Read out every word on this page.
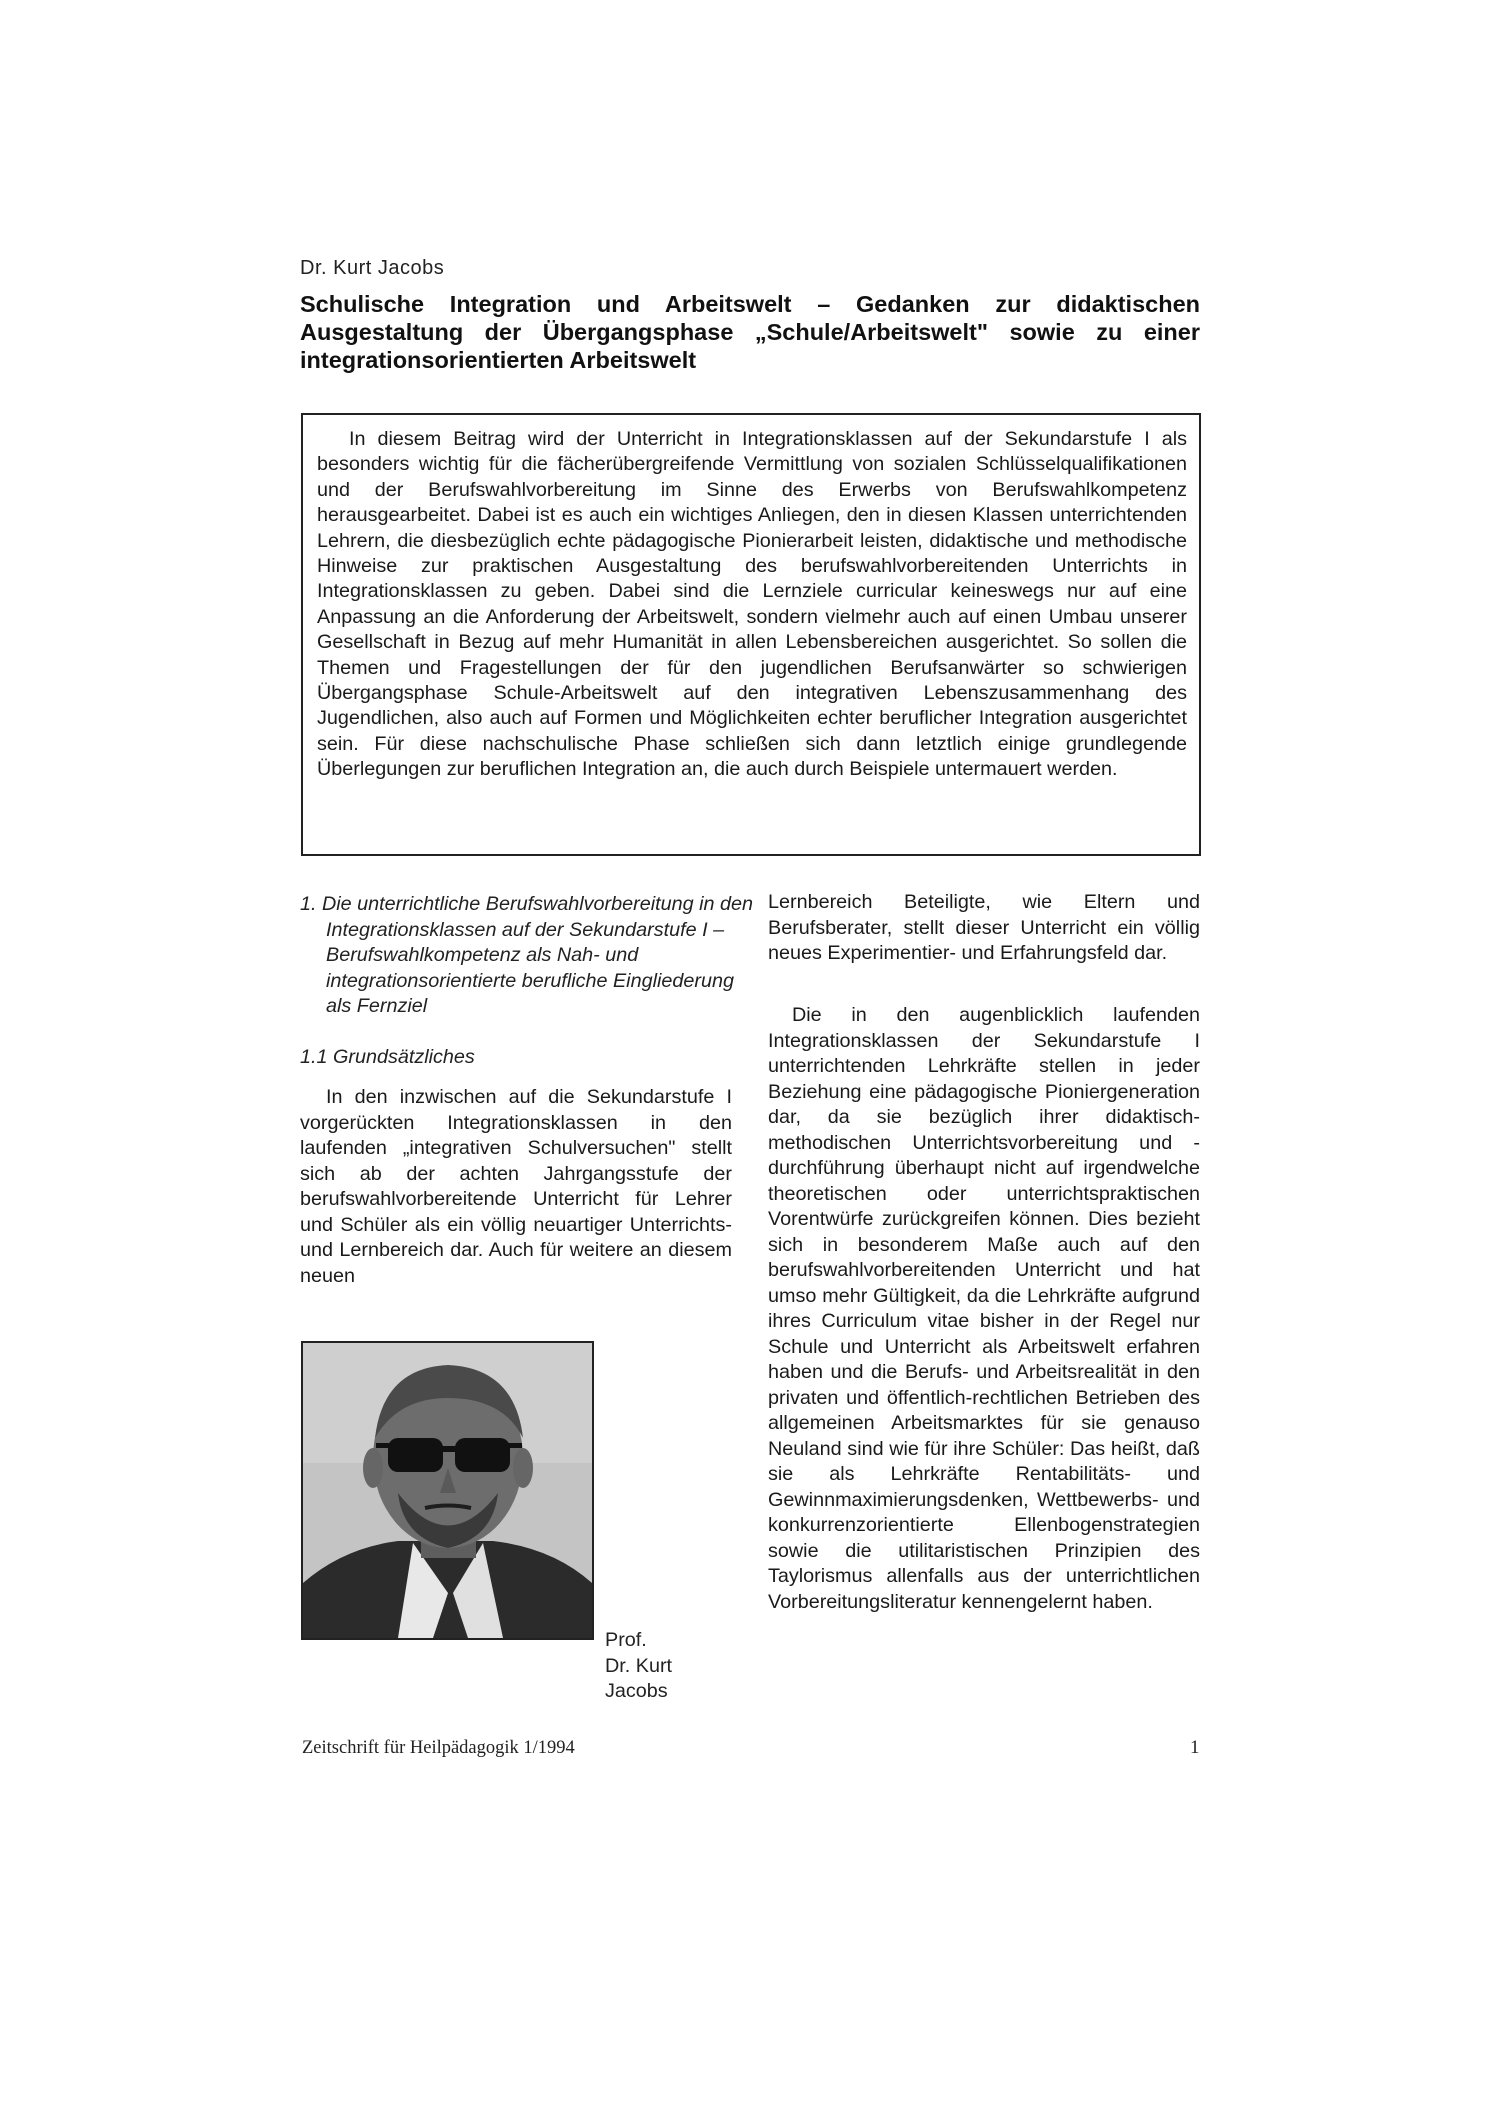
Dr. Kurt Jacobs
Schulische Integration und Arbeitswelt – Gedanken zur didaktischen Ausgestaltung der Übergangsphase „Schule/Arbeitswelt" sowie zu einer integrationsorientierten Arbeitswelt
In diesem Beitrag wird der Unterricht in Integrationsklassen auf der Sekundarstufe I als besonders wichtig für die fächerübergreifende Vermittlung von sozialen Schlüsselqualifikationen und der Berufswahlvorbereitung im Sinne des Erwerbs von Berufswahlkompetenz herausgearbeitet. Dabei ist es auch ein wichtiges Anliegen, den in diesen Klassen unterrichtenden Lehrern, die diesbezüglich echte pädagogische Pionierarbeit leisten, didaktische und methodische Hinweise zur praktischen Ausgestaltung des berufswahlvorbereitenden Unterrichts in Integrationsklassen zu geben. Dabei sind die Lernziele curricular keineswegs nur auf eine Anpassung an die Anforderung der Arbeitswelt, sondern vielmehr auch auf einen Umbau unserer Gesellschaft in Bezug auf mehr Humanität in allen Lebensbereichen ausgerichtet. So sollen die Themen und Fragestellungen der für den jugendlichen Berufsanwärter so schwierigen Übergangsphase Schule-Arbeitswelt auf den integrativen Lebenszusammenhang des Jugendlichen, also auch auf Formen und Möglichkeiten echter beruflicher Integration ausgerichtet sein. Für diese nachschulische Phase schließen sich dann letztlich einige grundlegende Überlegungen zur beruflichen Integration an, die auch durch Beispiele untermauert werden.
1. Die unterrichtliche Berufswahlvorbereitung in den Integrationsklassen auf der Sekundarstufe I – Berufswahlkompetenz als Nah- und integrationsorientierte berufliche Eingliederung als Fernziel
1.1 Grundsätzliches
In den inzwischen auf die Sekundarstufe I vorgerückten Integrationsklassen in den laufenden „integrativen Schulversuchen" stellt sich ab der achten Jahrgangsstufe der berufswahlvorbereitende Unterricht für Lehrer und Schüler als ein völlig neuartiger Unterrichts- und Lernbereich dar. Auch für weitere an diesem neuen
Lernbereich Beteiligte, wie Eltern und Berufsberater, stellt dieser Unterricht ein völlig neues Experimentier- und Erfahrungsfeld dar.
Die in den augenblicklich laufenden Integrationsklassen der Sekundarstufe I unterrichtenden Lehrkräfte stellen in jeder Beziehung eine pädagogische Pioniergeneration dar, da sie bezüglich ihrer didaktisch-methodischen Unterrichtsvorbereitung und -durchführung überhaupt nicht auf irgendwelche theoretischen oder unterrichtspraktischen Vorentwürfe zurückgreifen können. Dies bezieht sich in besonderem Maße auch auf den berufswahlvorbereitenden Unterricht und hat umso mehr Gültigkeit, da die Lehrkräfte aufgrund ihres Curriculum vitae bisher in der Regel nur Schule und Unterricht als Arbeitswelt erfahren haben und die Berufs- und Arbeitsrealität in den privaten und öffentlich-rechtlichen Betrieben des allgemeinen Arbeitsmarktes für sie genauso Neuland sind wie für ihre Schüler: Das heißt, daß sie als Lehrkräfte Rentabilitäts- und Gewinnmaximierungsdenken, Wettbewerbs- und konkurrenzorientierte Ellenbogenstrategien sowie die utilitaristischen Prinzipien des Taylorismus allenfalls aus der unterrichtlichen Vorbereitungsliteratur kennengelernt haben.
Prof.
Dr. Kurt
Jacobs
Zeitschrift für Heilpädagogik 1/1994	1
